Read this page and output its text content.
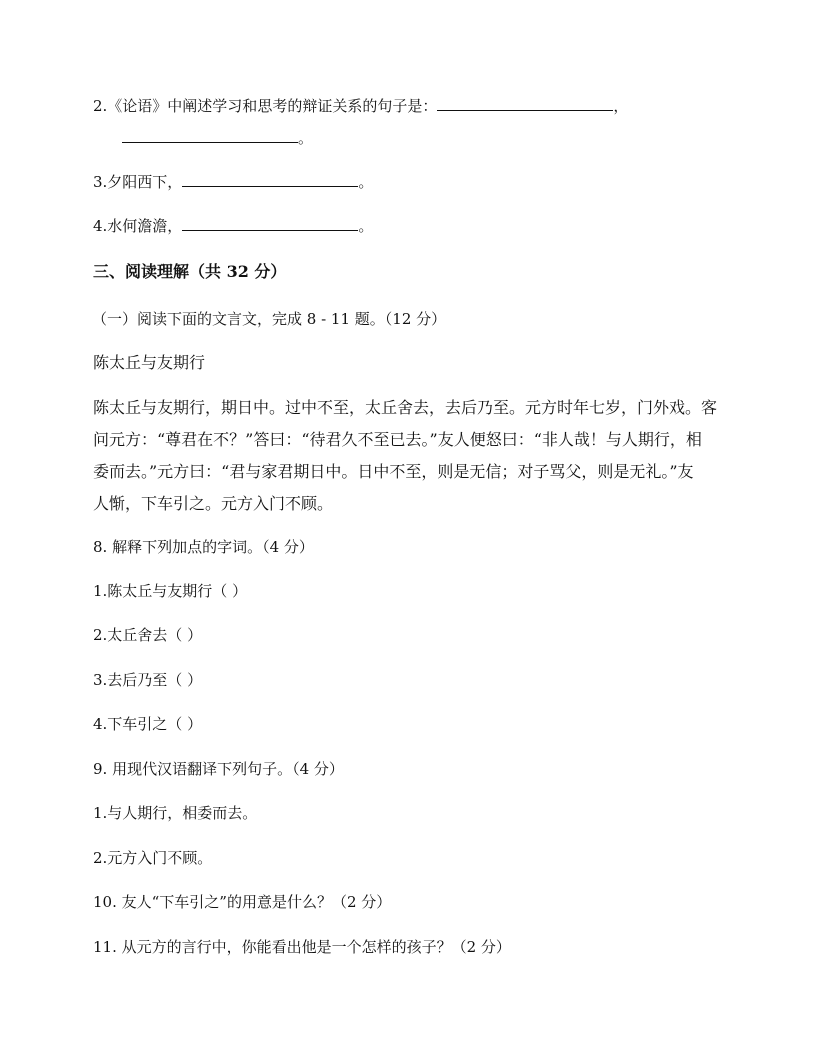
2.《论语》中阐述学习和思考的辩证关系的句子是：	，
。
3.夕阳西下，	。
4.水何澹澹，	。
三、阅读理解（共 32 分）
（一）阅读下面的文言文，完成 8 - 11 题。（12 分）
陈太丘与友期行
陈太丘与友期行，期日中。过中不至，太丘舍去，去后乃至。元方时年七岁，门外戏。客
问元方：“尊君在不？”答曰：“待君久不至已去。”友人便怒曰：“非人哉！与人期行，相
委而去。”元方曰：“君与家君期日中。日中不至，则是无信；对子骂父，则是无礼。”友
人惭，下车引之。元方入门不顾。
8. 解释下列加点的字词。（4 分）
1.陈太丘与友期行（ ）
2.太丘舍去（ ）
3.去后乃至（ ）
4.下车引之（ ）
9. 用现代汉语翻译下列句子。（4 分）
1.与人期行，相委而去。
2.元方入门不顾。
10. 友人“下车引之”的用意是什么？（2 分）
11. 从元方的言行中，你能看出他是一个怎样的孩子？（2 分）
